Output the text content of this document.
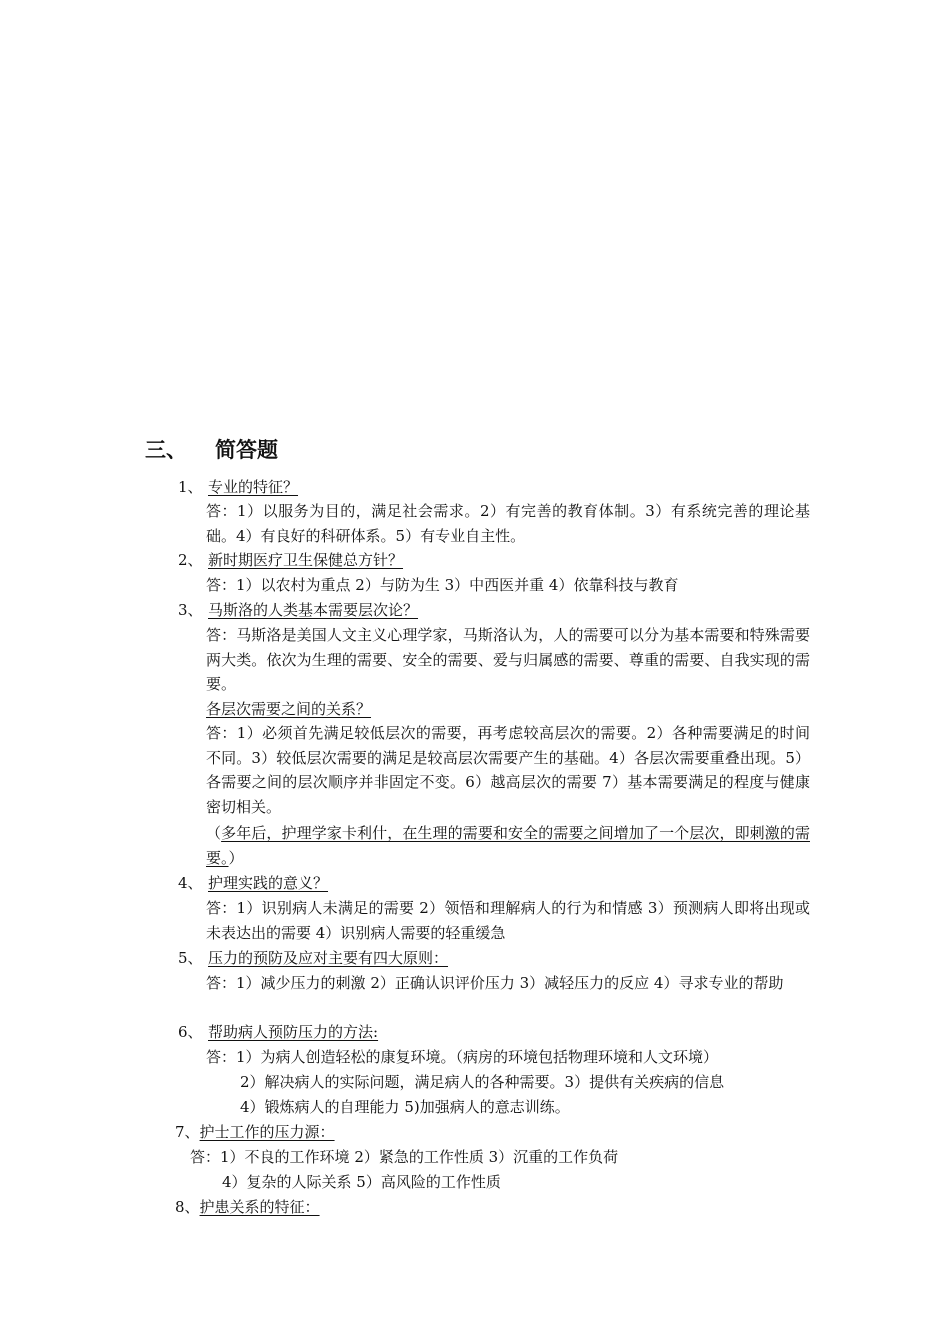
三、 简答题
1、 专业的特征？
答：1）以服务为目的，满足社会需求。2）有完善的教育体制。3）有系统完善的理论基础。4）有良好的科研体系。5）有专业自主性。
2、 新时期医疗卫生保健总方针？
答：1）以农村为重点 2）与防为生 3）中西医并重 4）依靠科技与教育
3、 马斯洛的人类基本需要层次论？
答：马斯洛是美国人文主义心理学家，马斯洛认为，人的需要可以分为基本需要和特殊需要两大类。依次为生理的需要、安全的需要、爱与归属感的需要、尊重的需要、自我实现的需要。
各层次需要之间的关系？
答：1）必须首先满足较低层次的需要，再考虑较高层次的需要。2）各种需要满足的时间不同。3）较低层次需要的满足是较高层次需要产生的基础。4）各层次需要重叠出现。5）各需要之间的层次顺序并非固定不变。6）越高层次的需要 7）基本需要满足的程度与健康密切相关。
（多年后，护理学家卡利什，在生理的需要和安全的需要之间增加了一个层次，即刺激的需要。）
4、 护理实践的意义？
答：1）识别病人未满足的需要 2）领悟和理解病人的行为和情感 3）预测病人即将出现或未表达出的需要 4）识别病人需要的轻重缓急
5、 压力的预防及应对主要有四大原则：
答：1）减少压力的刺激 2）正确认识评价压力 3）减轻压力的反应 4）寻求专业的帮助
6、 帮助病人预防压力的方法:
答：1）为病人创造轻松的康复环境。（病房的环境包括物理环境和人文环境）
2）解决病人的实际问题，满足病人的各种需要。3）提供有关疾病的信息
4）锻炼病人的自理能力 5)加强病人的意志训练。
7、护士工作的压力源：
答：1）不良的工作环境 2）紧急的工作性质 3）沉重的工作负荷
4）复杂的人际关系 5）高风险的工作性质
8、护患关系的特征：
